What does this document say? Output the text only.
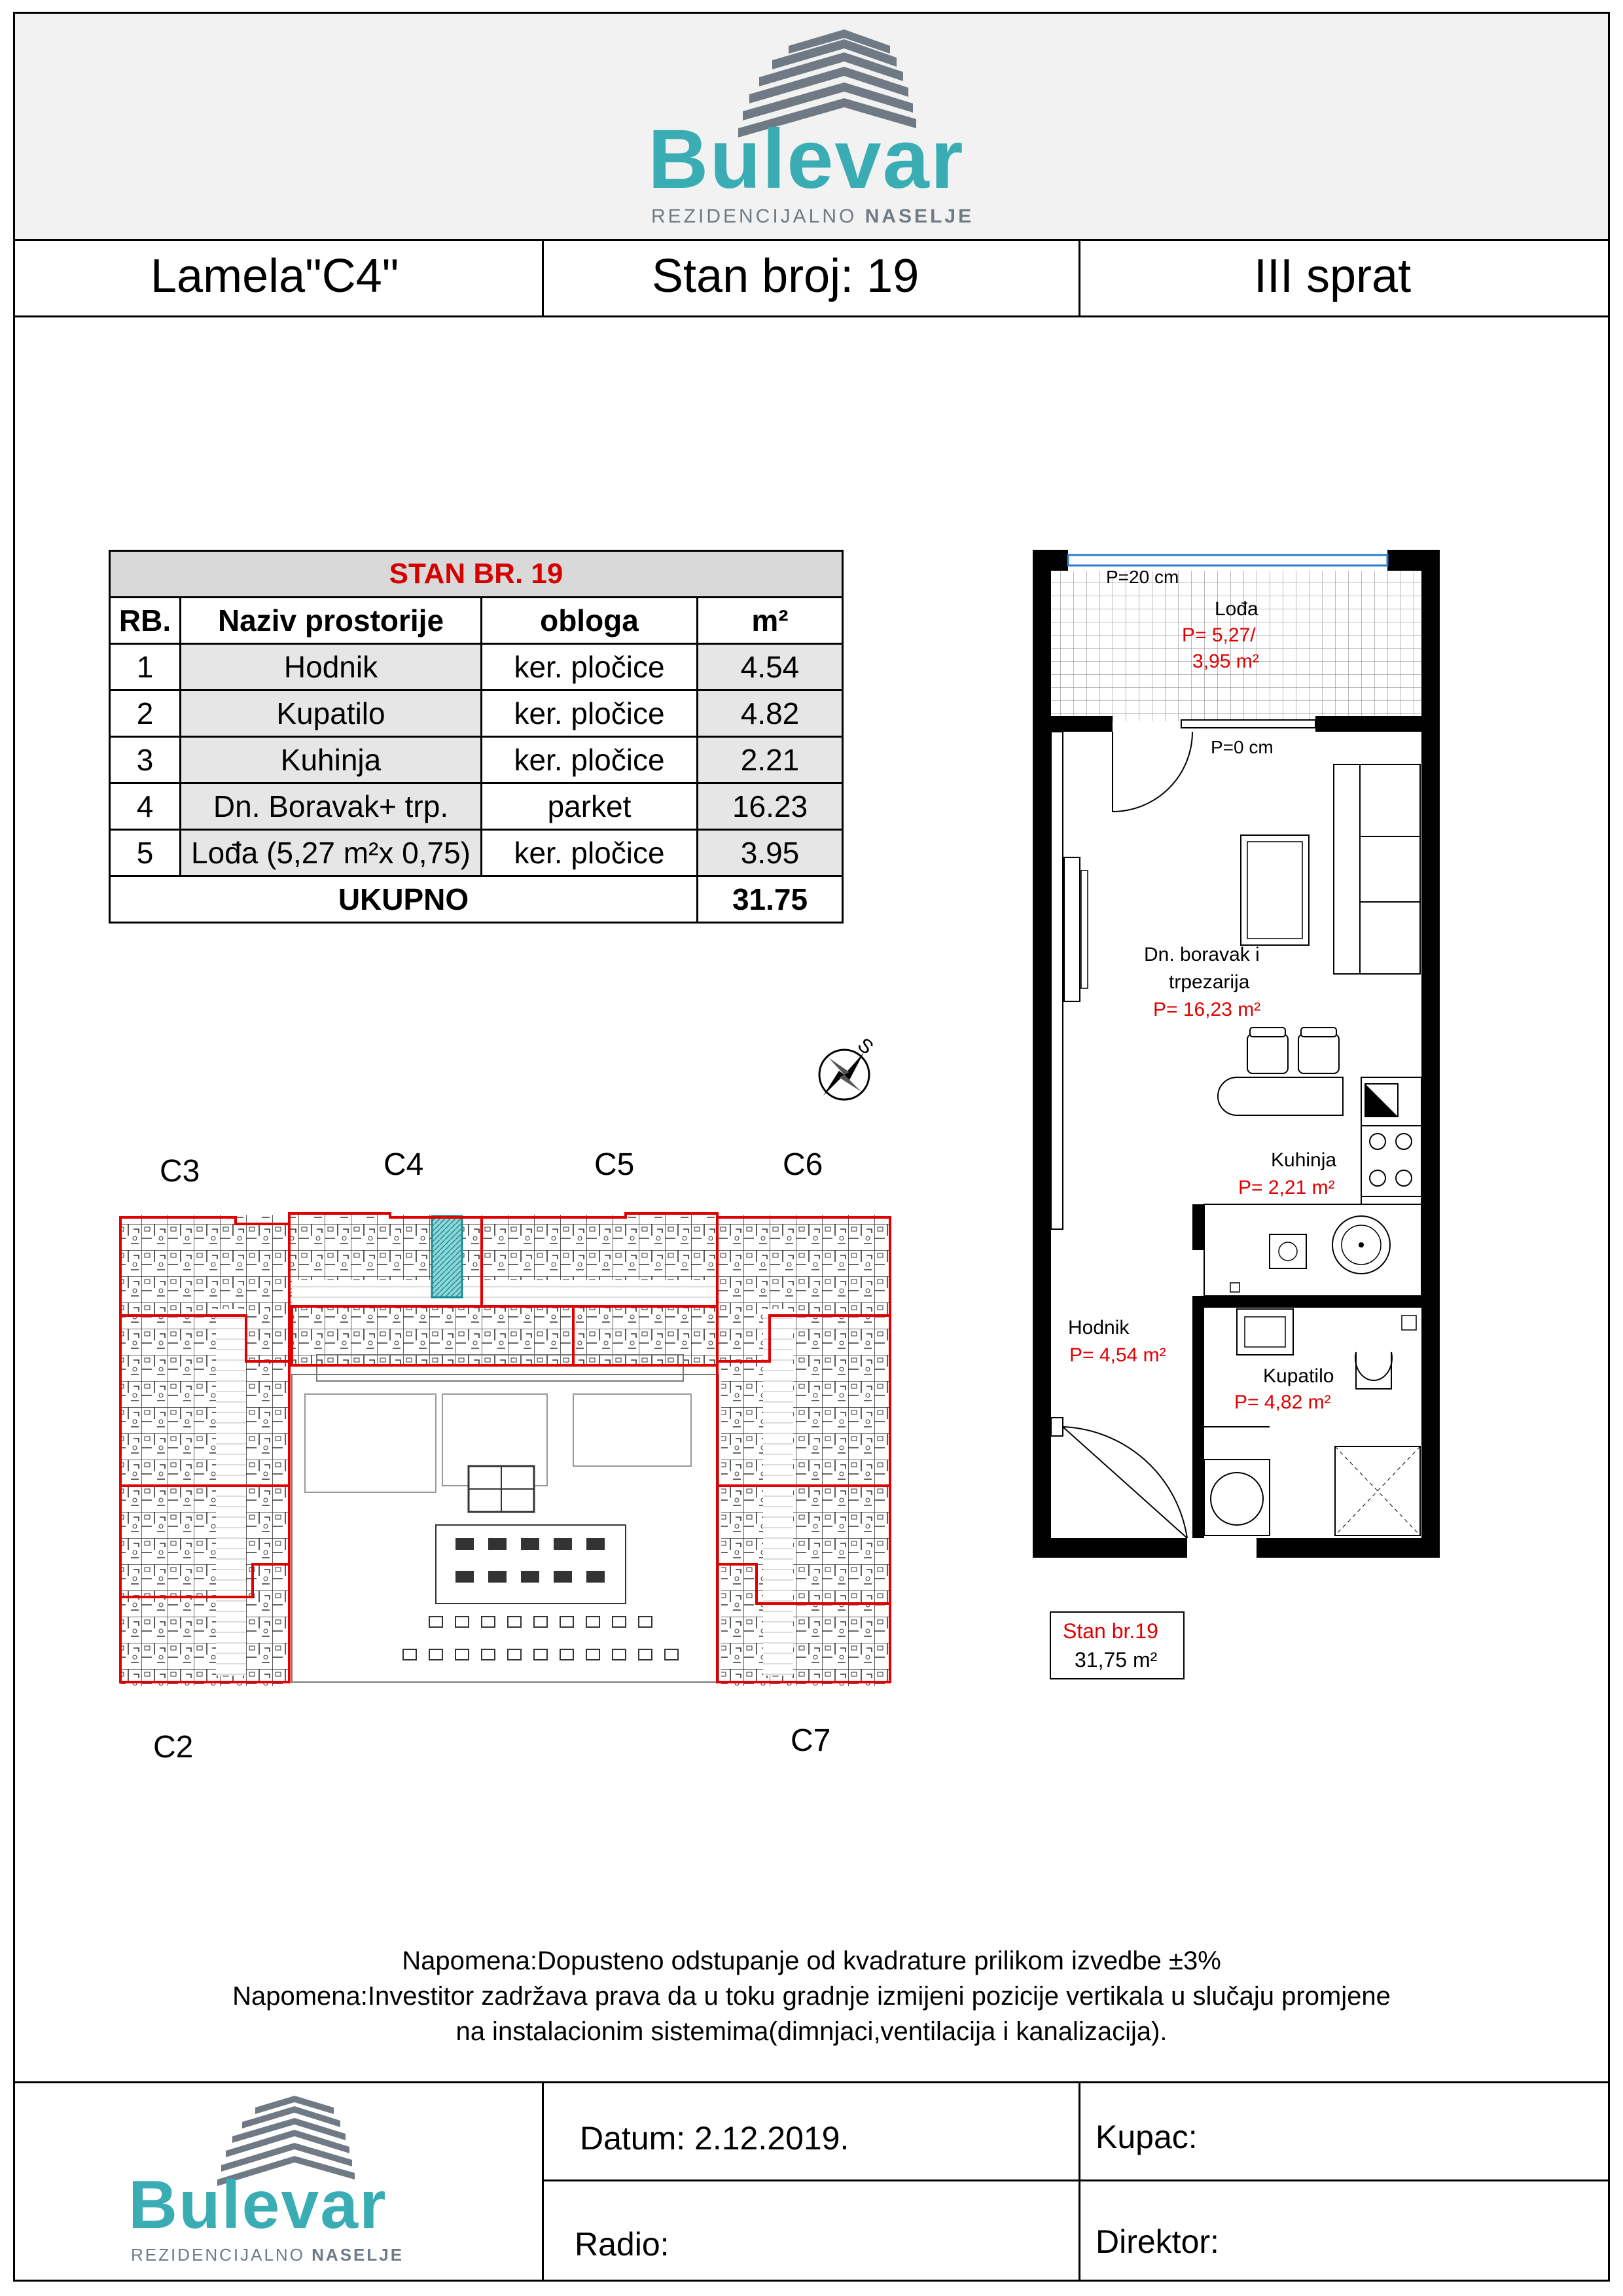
Bulevar
REZIDENCIJALNO NASELJE
Lamela"C4"	Stan broj: 19	III sprat
STAN BR. 19			
RB.	Naziv prostorije	obloga	m²
1	Hodnik	ker. pločice	4.54
2	Kupatilo	ker. pločice	4.82
3	Kuhinja	ker. pločice	2.21
4	Dn. Boravak+ trp.	parket	16.23
5	Lođa (5,27 m²x 0,75)	ker. pločice	3.95
UKUPNO			31.75
S
C3	C4	C5	C6
C2	C7
P=20 cm
Lođa
P= 5,27/
3,95 m²
P=0 cm
Dn. boravak i
trpezarija
P= 16,23 m²
Kuhinja
P= 2,21 m²
Hodnik
P= 4,54 m²
Kupatilo
P= 4,82 m²
Stan br.19
31,75 m²
Napomena:Dopusteno odstupanje od kvadrature prilikom izvedbe ±3%
Napomena:Investitor zadržava prava da u toku gradnje izmijeni pozicije vertikala u slučaju promjene
na instalacionim sistemima(dimnjaci,ventilacija i kanalizacija).
Bulevar
REZIDENCIJALNO NASELJE
Datum: 2.12.2019.	Kupac:
Radio:	Direktor:
